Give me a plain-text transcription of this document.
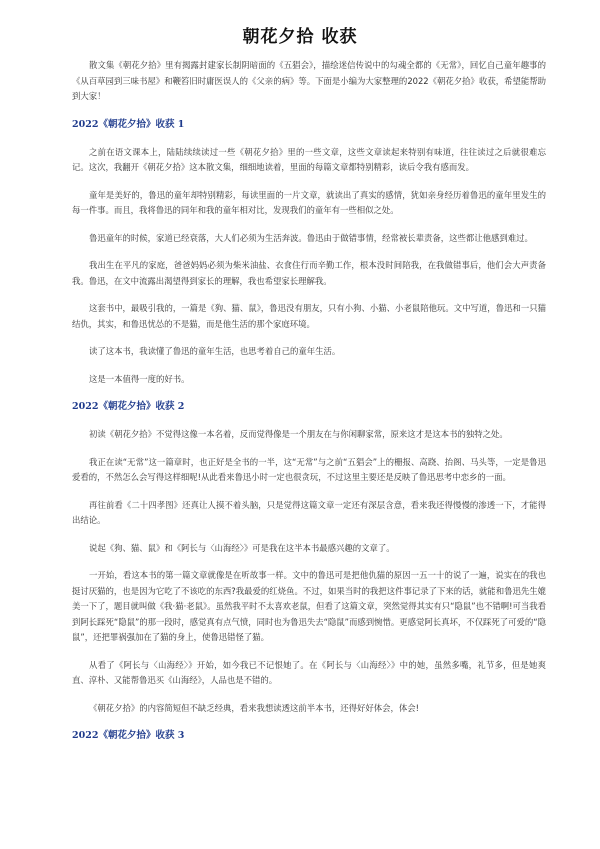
朝花夕拾 收获

散文集《朝花夕拾》里有揭露封建家长制阴暗面的《五猖会》，描绘迷信传说中的勾魂全都的《无常》，回忆自己童年趣事的《从百草园到三味书屋》和鞭笞旧时庸医误人的《父亲的病》等。下面是小编为大家整理的2022《朝花夕拾》收获，希望能帮助到大家！

2022《朝花夕拾》收获 1

之前在语文课本上，陆陆续续读过一些《朝花夕拾》里的一些文章，这些文章读起来特别有味道，往往读过之后就很难忘记。这次，我翻开《朝花夕拾》这本散文集，细细地读着，里面的每篇文章都特别精彩，读后令我有感而发。

童年是美好的，鲁迅的童年却特别精彩，每读里面的一片文章，就读出了真实的感情，犹如亲身经历着鲁迅的童年里发生的每一件事。而且，我将鲁迅的同年和我的童年相对比，发现我们的童年有一些相似之处。

鲁迅童年的时候，家道已经衰落，大人们必须为生活奔波。鲁迅由于做错事情，经常被长辈责备，这些都让他感到难过。

我出生在平凡的家庭，爸爸妈妈必须为柴米油盐、衣食住行而辛勤工作，根本没时间陪我，在我做错事后，他们会大声责备我。鲁迅，在文中流露出渴望得到家长的理解，我也希望家长理解我。

这套书中，最吸引我的，一篇是《狗、猫、鼠》，鲁迅没有朋友，只有小狗、小猫、小老鼠陪他玩。文中写道，鲁迅和一只猫结仇，其实，和鲁迅忧怂的不是猫，而是他生活的那个家庭环境。

读了这本书，我读懂了鲁迅的童年生活，也思考着自己的童年生活。

这是一本值得一度的好书。

2022《朝花夕拾》收获 2

初读《朝花夕拾》不觉得这像一本名着，反而觉得像是一个朋友在与你闲聊家常，原来这才是这本书的独特之处。

我正在读“无常”这一篇章时，也正好是全书的一半，这“无常”与之前“五猖会”上的栅报、高跷、抬阁、马头等，一定是鲁迅爱看的，不然怎么会写得这样细呢!从此看来鲁迅小时一定也很贪玩，不过这里主要还是反映了鲁迅思考中恋乡的一面。

再往前看《二十四孝图》还真让人摸不着头脑，只是觉得这篇文章一定还有深层含意，看来我还得慢慢的渗透一下，才能得出结论。

说起《狗、猫、鼠》和《阿长与〈山海经〉》可是我在这半本书最感兴趣的文章了。

一开始，看这本书的第一篇文章就像是在听故事一样。文中的鲁迅可是把他仇猫的原因一五一十的说了一遍，说实在的我也挺讨厌猫的，也是因为它吃了不该吃的东西?我最爱的红烧鱼。不过，如果当时的我把这件事记录了下来的话，就能和鲁迅先生媲美一下了，题目就叫做《我·猫·老鼠》。虽然我平时不太喜欢老鼠，但看了这篇文章，突然觉得其实有只“隐鼠”也不错啊!可当我看到阿长踩死“隐鼠”的那一段时，感觉真有点气愤，同时也为鲁迅失去“隐鼠”而感到惋惜。更感觉阿长真坏，不仅踩死了可爱的“隐鼠”，还把罪祸强加在了猫的身上，使鲁迅错怪了猫。

从看了《阿长与〈山海经〉》开始，如今我已不记恨她了。在《阿长与〈山海经〉》中的她，虽然多嘴，礼节多，但是她爽直、淳朴、又能帮鲁迅买《山海经》，人品也是不错的。

《朝花夕拾》的内容简短但不缺乏经典，看来我想读透这前半本书，还得好好体会，体会!

2022《朝花夕拾》收获 3
